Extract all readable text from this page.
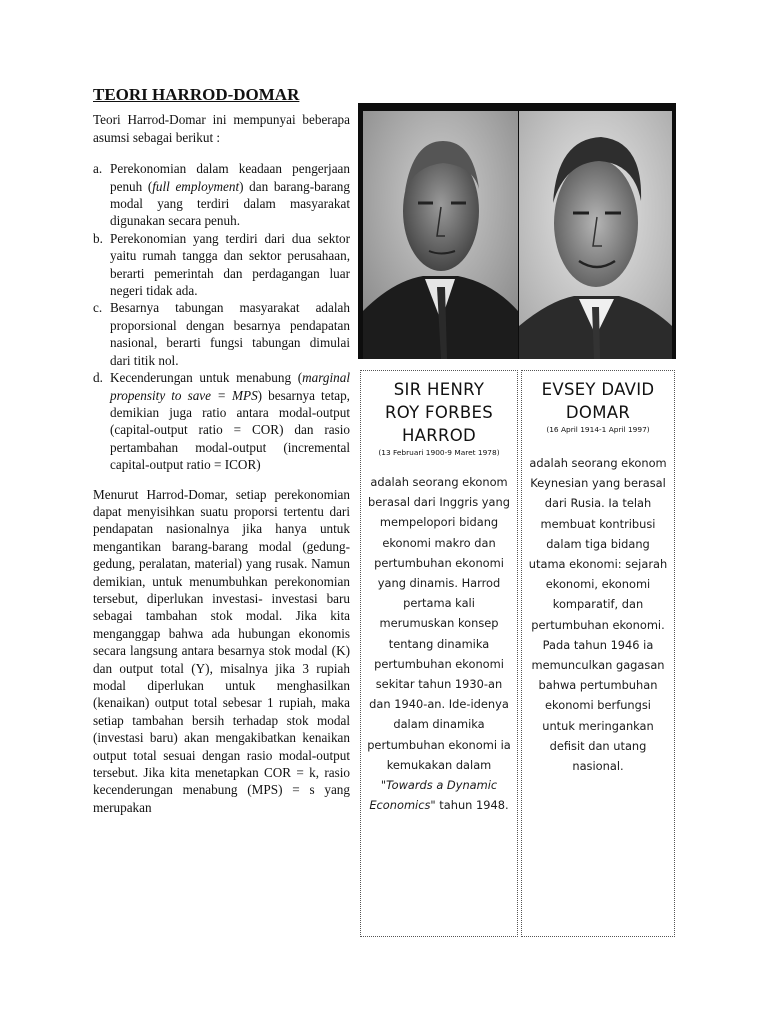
TEORI HARROD-DOMAR
Teori Harrod-Domar ini mempunyai beberapa asumsi sebagai berikut :
a. Perekonomian dalam keadaan pengerjaan penuh (full employment) dan barang-barang modal yang terdiri dalam masyarakat digunakan secara penuh.
b. Perekonomian yang terdiri dari dua sektor yaitu rumah tangga dan sektor perusahaan, berarti pemerintah dan perdagangan luar negeri tidak ada.
c. Besarnya tabungan masyarakat adalah proporsional dengan besarnya pendapatan nasional, berarti fungsi tabungan dimulai dari titik nol.
d. Kecenderungan untuk menabung (marginal propensity to save = MPS) besarnya tetap, demikian juga ratio antara modal-output (capital-output ratio = COR) dan rasio pertambahan modal-output (incremental capital-output ratio = ICOR)
Menurut Harrod-Domar, setiap perekonomian dapat menyisihkan suatu proporsi tertentu dari pendapatan nasionalnya jika hanya untuk mengantikan barang-barang modal (gedung-gedung, peralatan, material) yang rusak. Namun demikian, untuk menumbuhkan perekonomian tersebut, diperlukan investasi- investasi baru sebagai tambahan stok modal. Jika kita menganggap bahwa ada hubungan ekonomis secara langsung antara besarnya stok modal (K) dan output total (Y), misalnya jika 3 rupiah modal diperlukan untuk menghasilkan (kenaikan) output total sebesar 1 rupiah, maka setiap tambahan bersih terhadap stok modal (investasi baru) akan mengakibatkan kenaikan output total sesuai dengan rasio modal-output tersebut. Jika kita menetapkan COR = k, rasio kecenderungan menabung (MPS) = s yang merupakan
SIR HENRY
ROY FORBES
HARROD
(13 Februari 1900-9 Maret 1978)
adalah seorang ekonom berasal dari Inggris yang mempelopori bidang ekonomi makro dan pertumbuhan ekonomi yang dinamis. Harrod pertama kali merumuskan konsep tentang dinamika pertumbuhan ekonomi sekitar tahun 1930-an dan 1940-an. Ide-idenya dalam dinamika pertumbuhan ekonomi ia kemukakan dalam "Towards a Dynamic Economics" tahun 1948.
EVSEY DAVID
DOMAR
(16 April 1914-1 April 1997)
adalah seorang ekonom Keynesian yang berasal dari Rusia. Ia telah membuat kontribusi dalam tiga bidang utama ekonomi: sejarah ekonomi, ekonomi komparatif, dan pertumbuhan ekonomi. Pada tahun 1946 ia memunculkan gagasan bahwa pertumbuhan ekonomi berfungsi untuk meringankan defisit dan utang nasional.
